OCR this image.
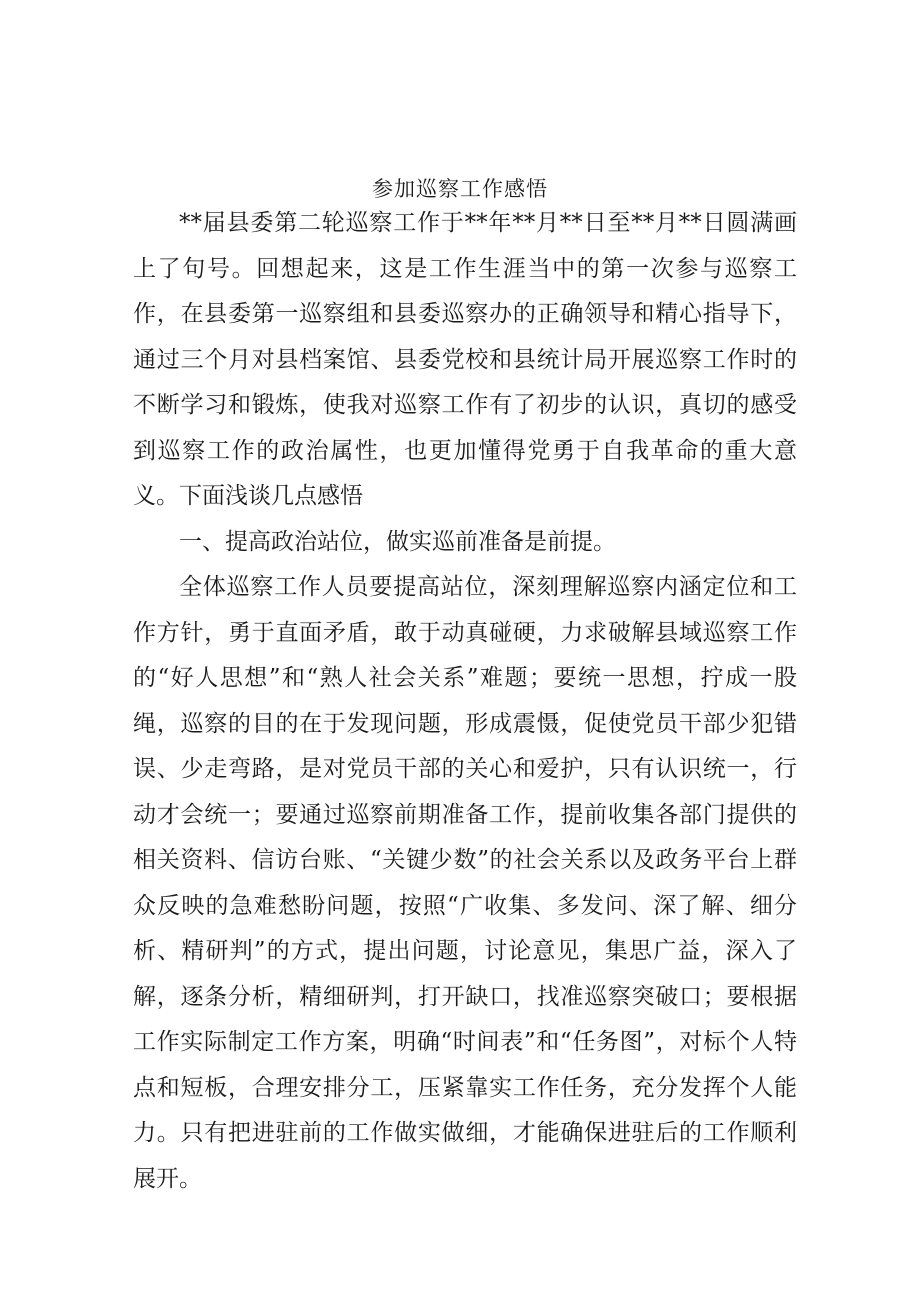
参加巡察工作感悟

**届县委第二轮巡察工作于**年**月**日至**月**日圆满画上了句号。回想起来，这是工作生涯当中的第一次参与巡察工作，在县委第一巡察组和县委巡察办的正确领导和精心指导下，通过三个月对县档案馆、县委党校和县统计局开展巡察工作时的不断学习和锻炼，使我对巡察工作有了初步的认识，真切的感受到巡察工作的政治属性，也更加懂得党勇于自我革命的重大意义。下面浅谈几点感悟

一、提高政治站位，做实巡前准备是前提。

全体巡察工作人员要提高站位，深刻理解巡察内涵定位和工作方针，勇于直面矛盾，敢于动真碰硬，力求破解县域巡察工作的“好人思想”和“熟人社会关系”难题；要统一思想，拧成一股绳，巡察的目的在于发现问题，形成震慑，促使党员干部少犯错误、少走弯路，是对党员干部的关心和爱护，只有认识统一，行动才会统一；要通过巡察前期准备工作，提前收集各部门提供的相关资料、信访台账、“关键少数”的社会关系以及政务平台上群众反映的急难愁盼问题，按照“广收集、多发问、深了解、细分析、精研判”的方式，提出问题，讨论意见，集思广益，深入了解，逐条分析，精细研判，打开缺口，找准巡察突破口；要根据工作实际制定工作方案，明确“时间表”和“任务图”，对标个人特点和短板，合理安排分工，压紧靠实工作任务，充分发挥个人能力。只有把进驻前的工作做实做细，才能确保进驻后的工作顺利展开。
